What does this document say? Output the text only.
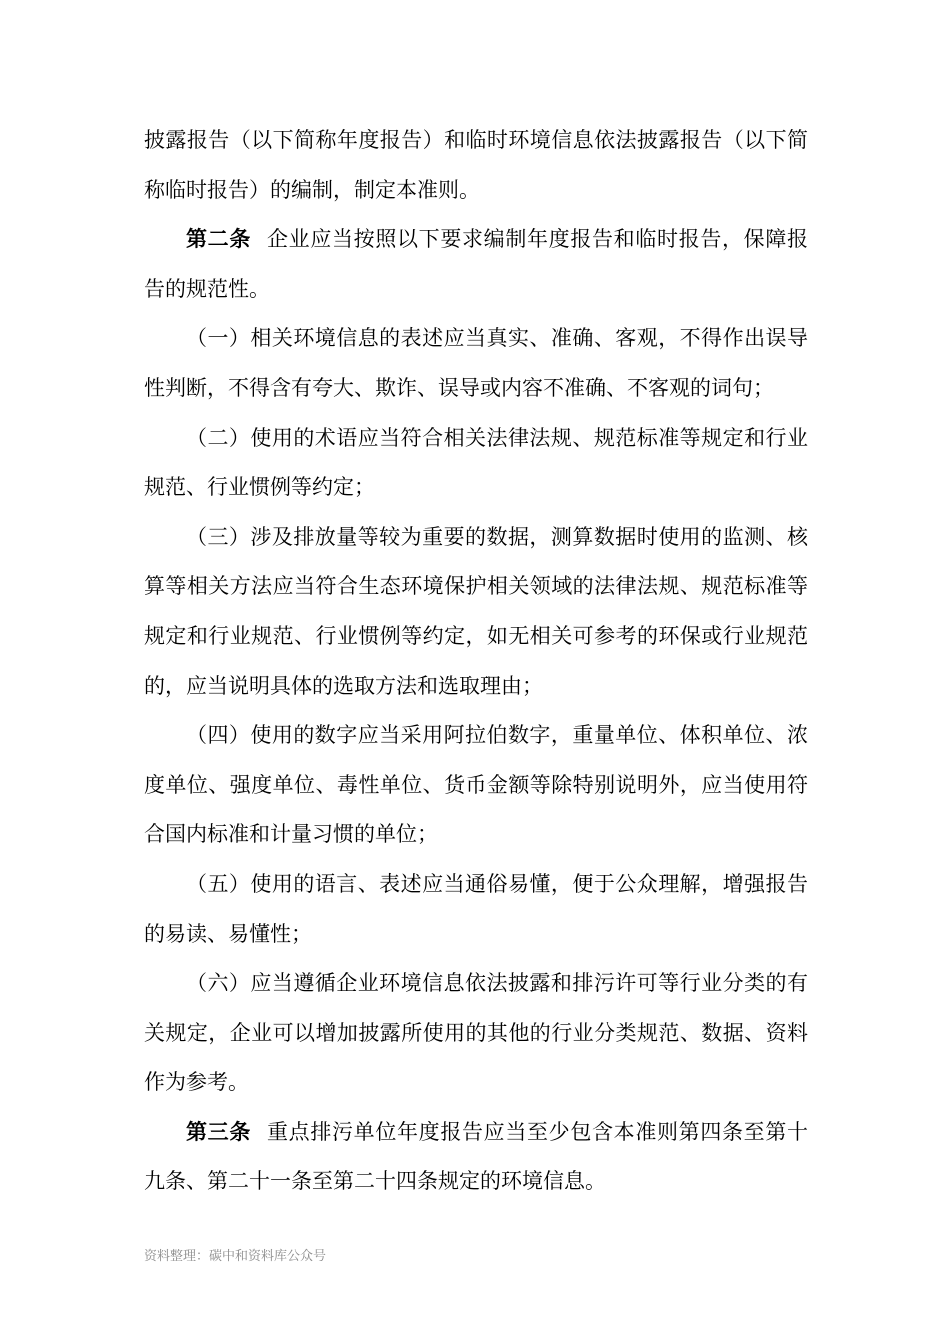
披露报告（以下简称年度报告）和临时环境信息依法披露报告（以下简称临时报告）的编制，制定本准则。

第二条 企业应当按照以下要求编制年度报告和临时报告，保障报告的规范性。

（一）相关环境信息的表述应当真实、准确、客观，不得作出误导性判断，不得含有夸大、欺诈、误导或内容不准确、不客观的词句；

（二）使用的术语应当符合相关法律法规、规范标准等规定和行业规范、行业惯例等约定；

（三）涉及排放量等较为重要的数据，测算数据时使用的监测、核算等相关方法应当符合生态环境保护相关领域的法律法规、规范标准等规定和行业规范、行业惯例等约定，如无相关可参考的环保或行业规范的，应当说明具体的选取方法和选取理由；

（四）使用的数字应当采用阿拉伯数字，重量单位、体积单位、浓度单位、强度单位、毒性单位、货币金额等除特别说明外，应当使用符合国内标准和计量习惯的单位；

（五）使用的语言、表述应当通俗易懂，便于公众理解，增强报告的易读、易懂性；

（六）应当遵循企业环境信息依法披露和排污许可等行业分类的有关规定，企业可以增加披露所使用的其他的行业分类规范、数据、资料作为参考。

第三条 重点排污单位年度报告应当至少包含本准则第四条至第十九条、第二十一条至第二十四条规定的环境信息。

资料整理：碳中和资料库公众号
